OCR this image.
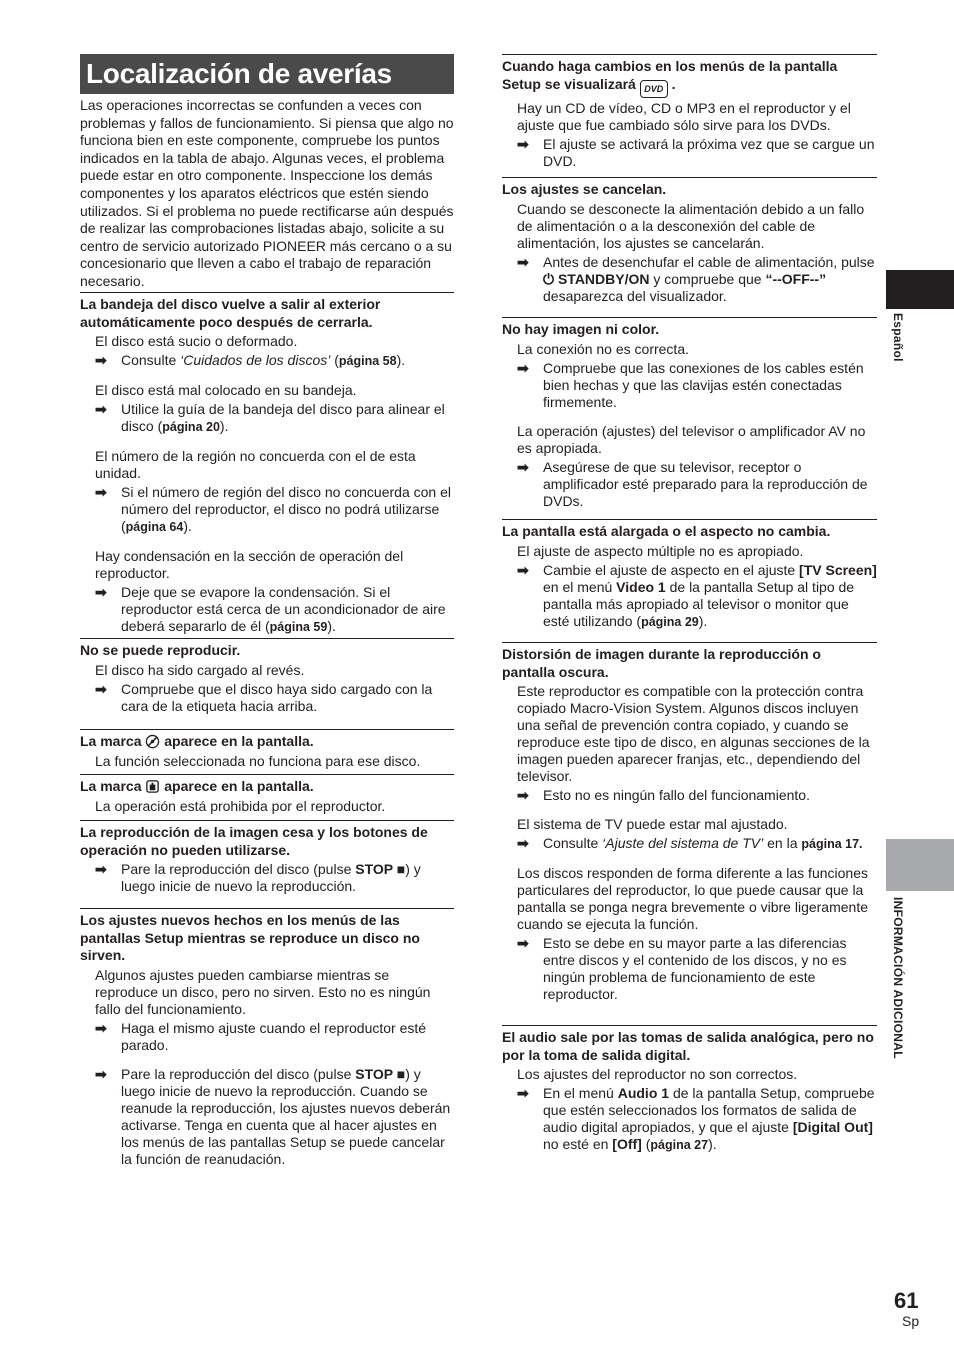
Localización de averías
Las operaciones incorrectas se confunden a veces con problemas y fallos de funcionamiento. Si piensa que algo no funciona bien en este componente, compruebe los puntos indicados en la tabla de abajo. Algunas veces, el problema puede estar en otro componente. Inspeccione los demás componentes y los aparatos eléctricos que estén siendo utilizados. Si el problema no puede rectificarse aún después de realizar las comprobaciones listadas abajo, solicite a su centro de servicio autorizado PIONEER más cercano o a su concesionario que lleven a cabo el trabajo de reparación necesario.
La bandeja del disco vuelve a salir al exterior automáticamente poco después de cerrarla.
El disco está sucio o deformado.
➡	Consulte ‘Cuidados de los discos’ (página 58).
El disco está mal colocado en su bandeja.
➡	Utilice la guía de la bandeja del disco para alinear el disco (página 20).
El número de la región no concuerda con el de esta unidad.
➡	Si el número de región del disco no concuerda con el número del reproductor, el disco no podrá utilizarse (página 64).
Hay condensación en la sección de operación del reproductor.
➡	Deje que se evapore la condensación. Si el reproductor está cerca de un acondicionador de aire deberá separarlo de él (página 59).
No se puede reproducir.
El disco ha sido cargado al revés.
➡	Compruebe que el disco haya sido cargado con la cara de la etiqueta hacia arriba.
La marca  aparece en la pantalla.
La función seleccionada no funciona para ese disco.
La marca  aparece en la pantalla.
La operación está prohibida por el reproductor.
La reproducción de la imagen cesa y los botones de operación no pueden utilizarse.
➡	Pare la reproducción del disco (pulse STOP ■) y luego inicie de nuevo la reproducción.
Los ajustes nuevos hechos en los menús de las pantallas Setup mientras se reproduce un disco no sirven.
Algunos ajustes pueden cambiarse mientras se reproduce un disco, pero no sirven. Esto no es ningún fallo del funcionamiento.
➡	Haga el mismo ajuste cuando el reproductor esté parado.
➡	Pare la reproducción del disco (pulse STOP ■) y luego inicie de nuevo la reproducción. Cuando se reanude la reproducción, los ajustes nuevos deberán activarse. Tenga en cuenta que al hacer ajustes en los menús de las pantallas Setup se puede cancelar la función de reanudación.
Cuando haga cambios en los menús de la pantalla Setup se visualizará DVD .
Hay un CD de vídeo, CD o MP3 en el reproductor y el ajuste que fue cambiado sólo sirve para los DVDs.
➡	El ajuste se activará la próxima vez que se cargue un DVD.
Los ajustes se cancelan.
Cuando se desconecte la alimentación debido a un fallo de alimentación o a la desconexión del cable de alimentación, los ajustes se cancelarán.
➡	Antes de desenchufar el cable de alimentación, pulse ⏻ STANDBY/ON y compruebe que “--OFF--” desaparezca del visualizador.
No hay imagen ni color.
La conexión no es correcta.
➡	Compruebe que las conexiones de los cables estén bien hechas y que las clavijas estén conectadas firmemente.
La operación (ajustes) del televisor o amplificador AV no es apropiada.
➡	Asegúrese de que su televisor, receptor o amplificador esté preparado para la reproducción de DVDs.
La pantalla está alargada o el aspecto no cambia.
El ajuste de aspecto múltiple no es apropiado.
➡	Cambie el ajuste de aspecto en el ajuste [TV Screen] en el menú Video 1 de la pantalla Setup al tipo de pantalla más apropiado al televisor o monitor que esté utilizando (página 29).
Distorsión de imagen durante la reproducción o pantalla oscura.
Este reproductor es compatible con la protección contra copiado Macro-Vision System. Algunos discos incluyen una señal de prevención contra copiado, y cuando se reproduce este tipo de disco, en algunas secciones de la imagen pueden aparecer franjas, etc., dependiendo del televisor.
➡	Esto no es ningún fallo del funcionamiento.
El sistema de TV puede estar mal ajustado.
➡	Consulte ‘Ajuste del sistema de TV’ en la página 17.
Los discos responden de forma diferente a las funciones particulares del reproductor, lo que puede causar que la pantalla se ponga negra brevemente o vibre ligeramente cuando se ejecuta la función.
➡	Esto se debe en su mayor parte a las diferencias entre discos y el contenido de los discos, y no es ningún problema de funcionamiento de este reproductor.
El audio sale por las tomas de salida analógica, pero no por la toma de salida digital.
Los ajustes del reproductor no son correctos.
➡	En el menú Audio 1 de la pantalla Setup, compruebe que estén seleccionados los formatos de salida de audio digital apropiados, y que el ajuste [Digital Out] no esté en [Off] (página 27).
Español
INFORMACIÓN ADICIONAL
61
Sp
